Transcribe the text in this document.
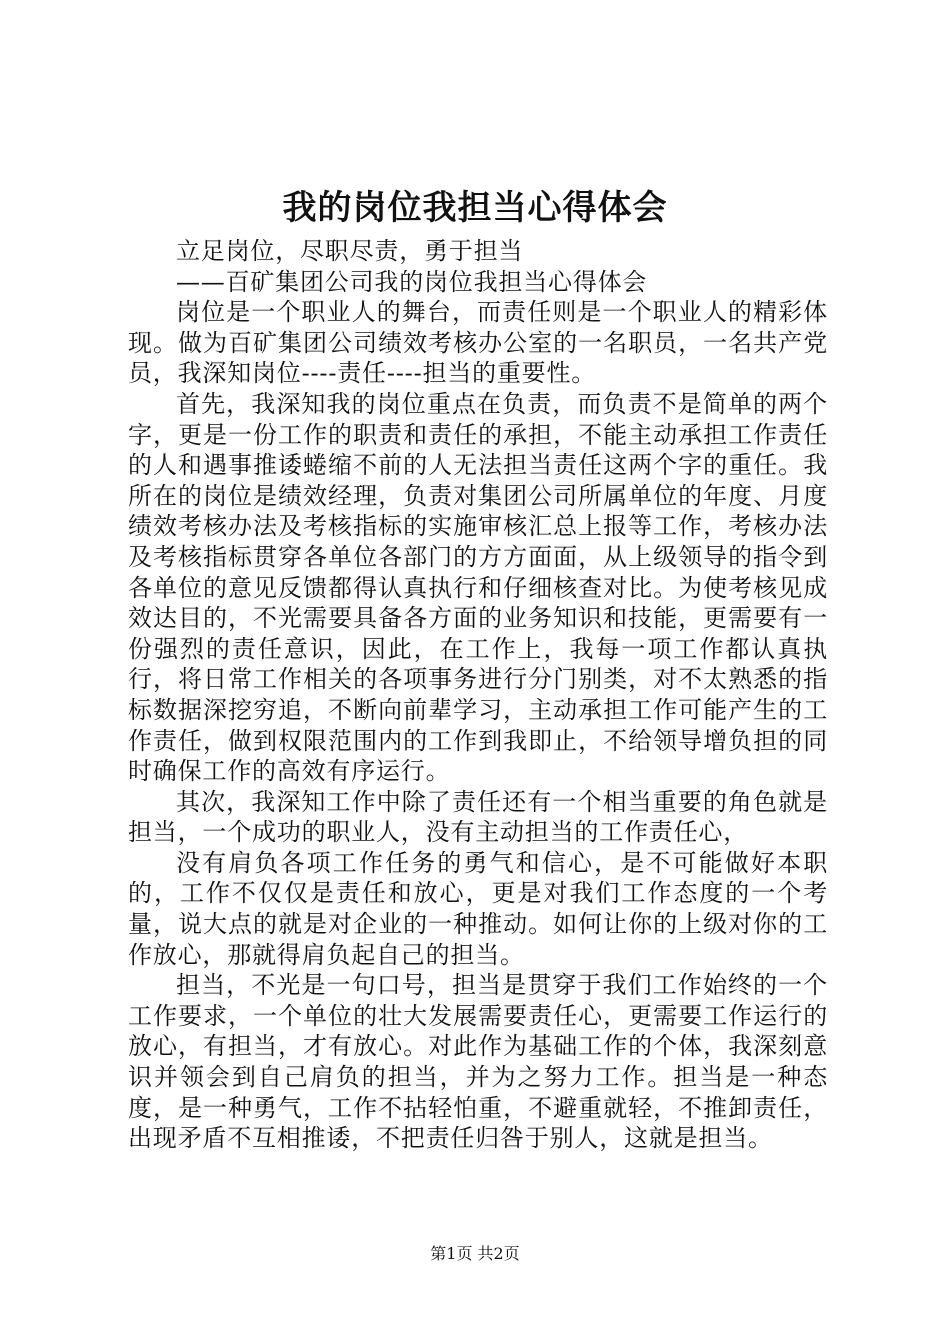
我的岗位我担当心得体会

立足岗位，尽职尽责，勇于担当

——百矿集团公司我的岗位我担当心得体会

岗位是一个职业人的舞台，而责任则是一个职业人的精彩体现。做为百矿集团公司绩效考核办公室的一名职员，一名共产党员，我深知岗位----责任----担当的重要性。

首先，我深知我的岗位重点在负责，而负责不是简单的两个字，更是一份工作的职责和责任的承担，不能主动承担工作责任的人和遇事推诿蜷缩不前的人无法担当责任这两个字的重任。我所在的岗位是绩效经理，负责对集团公司所属单位的年度、月度绩效考核办法及考核指标的实施审核汇总上报等工作，考核办法及考核指标贯穿各单位各部门的方方面面，从上级领导的指令到各单位的意见反馈都得认真执行和仔细核查对比。为使考核见成效达目的，不光需要具备各方面的业务知识和技能，更需要有一份强烈的责任意识，因此，在工作上，我每一项工作都认真执行，将日常工作相关的各项事务进行分门别类，对不太熟悉的指标数据深挖穷追，不断向前辈学习，主动承担工作可能产生的工作责任，做到权限范围内的工作到我即止，不给领导增负担的同时确保工作的高效有序运行。

其次，我深知工作中除了责任还有一个相当重要的角色就是担当，一个成功的职业人，没有主动担当的工作责任心，

没有肩负各项工作任务的勇气和信心，是不可能做好本职的，工作不仅仅是责任和放心，更是对我们工作态度的一个考量，说大点的就是对企业的一种推动。如何让你的上级对你的工作放心，那就得肩负起自己的担当。

担当，不光是一句口号，担当是贯穿于我们工作始终的一个工作要求，一个单位的壮大发展需要责任心，更需要工作运行的放心，有担当，才有放心。对此作为基础工作的个体，我深刻意识并领会到自己肩负的担当，并为之努力工作。担当是一种态度，是一种勇气，工作不拈轻怕重，不避重就轻，不推卸责任，出现矛盾不互相推诿，不把责任归咎于别人，这就是担当。

第1页 共2页
